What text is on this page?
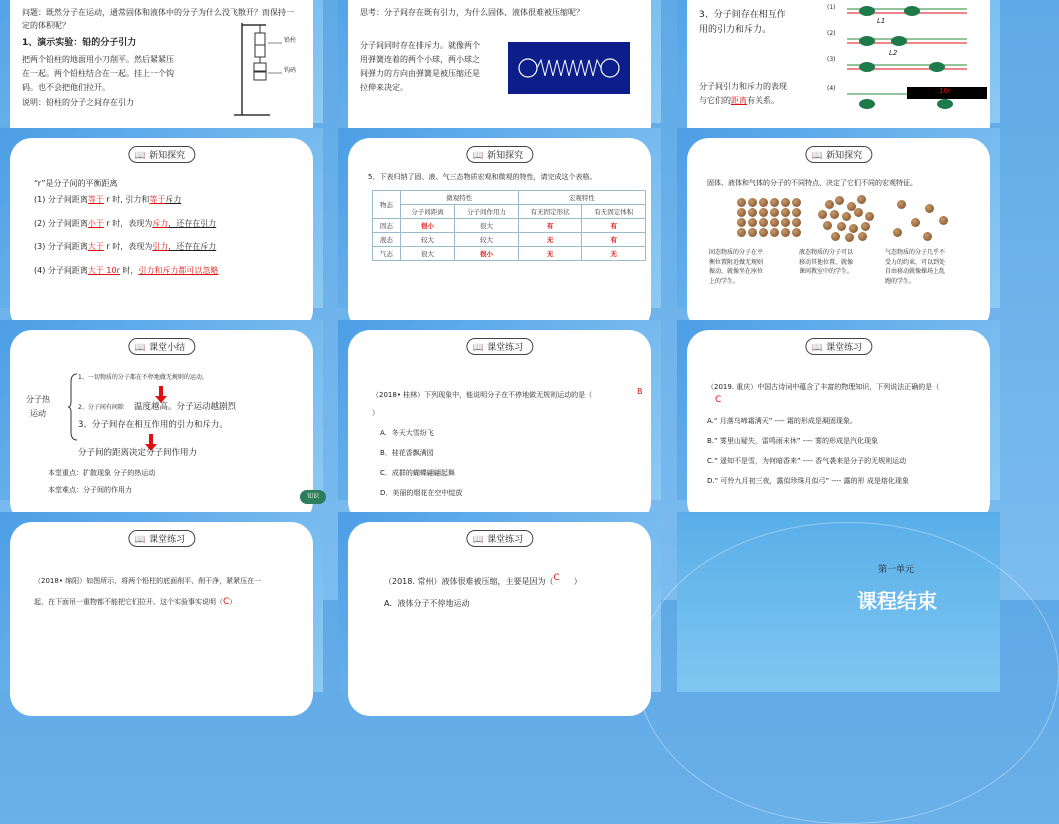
问题：既然分子在运动，通常固体和液体中的分子为什么没飞散开？而保持一
定的体积呢？
1、演示实验：铅的分子引力
把两个铅柱的地面用小刀削平。然后紧紧压
在一起。两个铅柱结合在一起。挂上一个钩
码。也不会把他们拉开。
说明：铅柱的分子之间存在引力
铅柱
钩码
思考：分子间存在既有引力，为什么固体、液体很难被压缩呢？
分子间同时存在排斥力。就像两个
用弹簧连着的两个小球，两小球之
间弹力的方向由弹簧是被压缩还是
拉伸来决定。
3、分子间存在相互作
用的引力和斥力。
分子间引力和斥力的表现
与它们的距离有关系。
(1)
(2)
(3)
(4)
L1
L2
10r
📖 新知探究
“r”是分子间的平衡距离
(1) 分子间距离等于 r 时, 引力和等于斥力
(2) 分子间距离小于 r 时，表现为斥力，还存在引力
(3) 分子间距离大于 r 时，表现为引力，还存在斥力
(4) 分子间距离大于 10r 时，引力和斥力都可以忽略
📖 新知探究
5．下表归纳了固、液、气三态物质宏观和微观的特性，请完成这个表格。
物态	微观特性		宏观特性	
	分子间距离	分子间作用力	有无固定形状	有无固定体积
固态	很小	很大	有	有
液态	较大	较大	无	有
气态	很大	很小	无	无
📖 新知探究
固体、液体和气体的分子的不同特点，决定了它们不同的宏观特征。
固态物质的分子在平
衡位置附近做无规则
振动，就像坐在座位
上的学生。
液态物质的分子可以
移动其他位置，就像
课间教室中的学生。
气态物质的分子几乎不
受力的约束，可以到处
自由移动就像操场上乱
跑的学生。
📖 课堂小结
分子热
运动
1、一切物质的分子都在不停地做无规则的运动。
2、分子间有间隙 温度越高。分子运动越剧烈
3、分子间存在相互作用的引力和斥力。
分子间的距离决定分子间作用力
本堂重点：扩散现象 分子的热运动
本堂难点：分子间的作用力
知识
📖 课堂练习
（2018• 桂林）下列现象中，能说明分子在不停地做无规则运动的是（	B
）
A．冬天大雪纷飞
B．桂花香飘满园
C．成群的蝴蝶翩翩起舞
D．美丽的烟花在空中绽放
📖 课堂练习
（2019. 重庆）中国古诗词中蕴含了丰富的物理知识，下列说法正确的是（
C
A.“ 月落乌啼霜满天” ---- 霜的形成是凝固现象。
B.” 雾里山疑失，雷鸣雨未休” ---- 雾的形成是汽化现象
C.” 遥知不是雪，为何暗香来” ---- 香气袭来是分子的无规则运动
D.” 可怜九月初三夜，露似珍珠月似弓” ---- 露的形 成是熔化现象
📖 课堂练习
（2018• 绵阳）如图所示，将两个铅柱的底面削平、削干净，紧紧压在一
起，在下面吊一重物都不能把它们拉开。这个实验事实说明（C）
📖 课堂练习
（2018. 常州）液体很难被压缩，主要是因为（C ）
A．液体分子不停地运动
第一单元
课程结束
